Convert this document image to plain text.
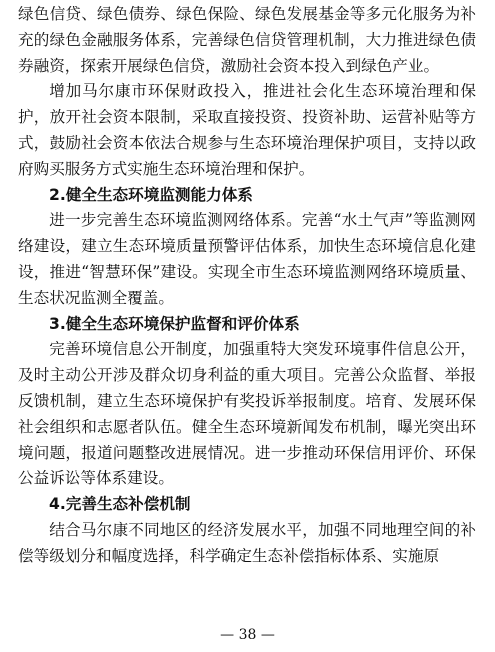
绿色信贷、绿色债券、绿色保险、绿色发展基金等多元化服务为补充的绿色金融服务体系，完善绿色信贷管理机制，大力推进绿色债券融资，探索开展绿色信贷，激励社会资本投入到绿色产业。

增加马尔康市环保财政投入，推进社会化生态环境治理和保护，放开社会资本限制，采取直接投资、投资补助、运营补贴等方式，鼓励社会资本依法合规参与生态环境治理保护项目，支持以政府购买服务方式实施生态环境治理和保护。

2.健全生态环境监测能力体系

进一步完善生态环境监测网络体系。完善“水土气声”等监测网络建设，建立生态环境质量预警评估体系，加快生态环境信息化建设，推进“智慧环保”建设。实现全市生态环境监测网络环境质量、生态状况监测全覆盖。

3.健全生态环境保护监督和评价体系

完善环境信息公开制度，加强重特大突发环境事件信息公开，及时主动公开涉及群众切身利益的重大项目。完善公众监督、举报反馈机制，建立生态环境保护有奖投诉举报制度。培育、发展环保社会组织和志愿者队伍。健全生态环境新闻发布机制，曝光突出环境问题，报道问题整改进展情况。进一步推动环保信用评价、环保公益诉讼等体系建设。

4.完善生态补偿机制

结合马尔康不同地区的经济发展水平，加强不同地理空间的补偿等级划分和幅度选择，科学确定生态补偿指标体系、实施原

— 38 —
